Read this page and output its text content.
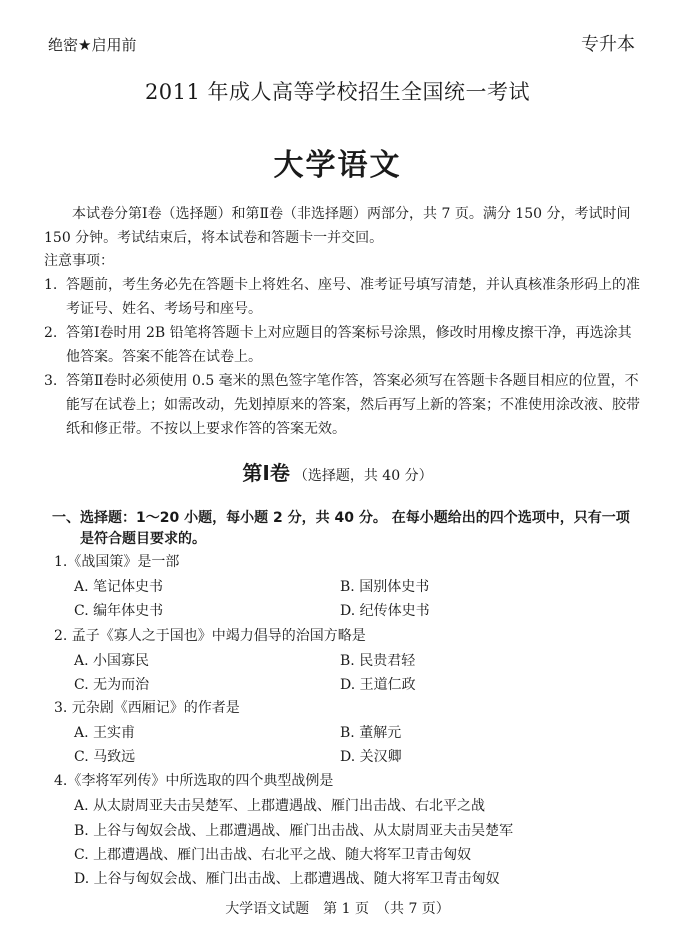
绝密★启用前	专升本
2011 年成人高等学校招生全国统一考试
大学语文
本试卷分第Ⅰ卷（选择题）和第Ⅱ卷（非选择题）两部分，共 7 页。满分 150 分，考试时间 150 分钟。考试结束后，将本试卷和答题卡一并交回。
注意事项：
1. 答题前，考生务必先在答题卡上将姓名、座号、准考证号填写清楚，并认真核准条形码上的准考证号、姓名、考场号和座号。
2. 答第Ⅰ卷时用 2B 铅笔将答题卡上对应题目的答案标号涂黑，修改时用橡皮擦干净，再选涂其他答案。答案不能答在试卷上。
3. 答第Ⅱ卷时必须使用 0.5 毫米的黑色签字笔作答，答案必须写在答题卡各题目相应的位置，不能写在试卷上；如需改动，先划掉原来的答案，然后再写上新的答案；不准使用涂改液、胶带纸和修正带。不按以上要求作答的答案无效。
第Ⅰ卷 （选择题，共 40 分）
一、 选择题：1～20 小题，每小题 2 分，共 40 分。 在每小题给出的四个选项中，只有一项是符合题目要求的。
1.《战国策》是一部
A. 笔记体史书	B. 国别体史书
C. 编年体史书	D. 纪传体史书
2. 孟子《寡人之于国也》中竭力倡导的治国方略是
A. 小国寡民	B. 民贵君轻
C. 无为而治	D. 王道仁政
3. 元杂剧《西厢记》的作者是
A. 王实甫	B. 董解元
C. 马致远	D. 关汉卿
4.《李将军列传》中所选取的四个典型战例是
A. 从太尉周亚夫击吴楚军、上郡遭遇战、雁门出击战、右北平之战
B. 上谷与匈奴会战、上郡遭遇战、雁门出击战、从太尉周亚夫击吴楚军
C. 上郡遭遇战、雁门出击战、右北平之战、随大将军卫青击匈奴
D. 上谷与匈奴会战、雁门出击战、上郡遭遇战、随大将军卫青击匈奴
大学语文试题　第 1 页　（共 7 页）
